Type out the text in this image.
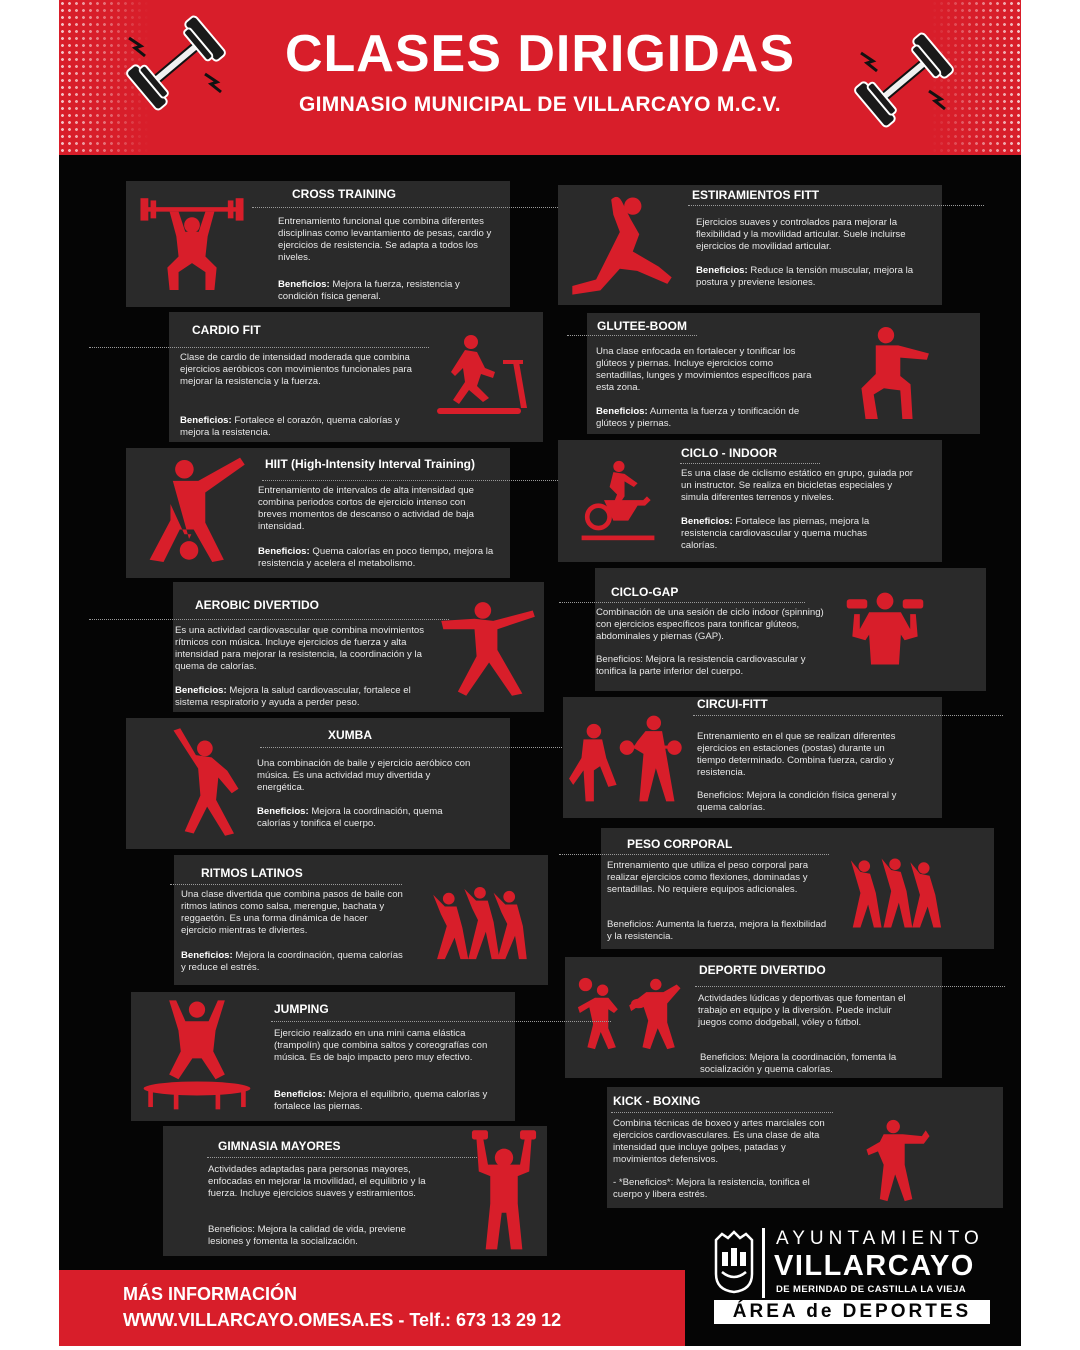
CLASES DIRIGIDAS
GIMNASIO MUNICIPAL DE VILLARCAYO M.C.V.
CROSS TRAINING
Entrenamiento funcional que combina diferentes disciplinas como levantamiento de pesas, cardio y ejercicios de resistencia. Se adapta a todos los niveles.
Beneficios: Mejora la fuerza, resistencia y condición física general.
ESTIRAMIENTOS FITT
Ejercicios suaves y controlados para mejorar la flexibilidad y la movilidad articular. Suele incluirse ejercicios de movilidad articular.
Beneficios: Reduce la tensión muscular, mejora la postura y previene lesiones.
CARDIO FIT
Clase de cardio de intensidad moderada que combina ejercicios aeróbicos con movimientos funcionales para mejorar la resistencia y la fuerza.
Beneficios: Fortalece el corazón, quema calorías y mejora la resistencia.
GLUTEE-BOOM
Una clase enfocada en fortalecer y tonificar los glúteos y piernas. Incluye ejercicios como sentadillas, lunges y movimientos específicos para esta zona.
Beneficios: Aumenta la fuerza y tonificación de glúteos y piernas.
HIIT (High-Intensity Interval Training)
Entrenamiento de intervalos de alta intensidad que combina periodos cortos de ejercicio intenso con breves momentos de descanso o actividad de baja intensidad.
Beneficios: Quema calorías en poco tiempo, mejora la resistencia y acelera el metabolismo.
CICLO - INDOOR
Es una clase de ciclismo estático en grupo, guiada por un instructor. Se realiza en bicicletas especiales y simula diferentes terrenos y niveles.
Beneficios: Fortalece las piernas, mejora la resistencia cardiovascular y quema muchas calorías.
AEROBIC DIVERTIDO
Es una actividad cardiovascular que combina movimientos rítmicos con música. Incluye ejercicios de fuerza y alta intensidad para mejorar la resistencia, la coordinación y la quema de calorías.
Beneficios: Mejora la salud cardiovascular, fortalece el sistema respiratorio y ayuda a perder peso.
CICLO-GAP
Combinación de una sesión de ciclo indoor (spinning) con ejercicios específicos para tonificar glúteos, abdominales y piernas (GAP).
Beneficios: Mejora la resistencia cardiovascular y tonifica la parte inferior del cuerpo.
XUMBA
Una combinación de baile y ejercicio aeróbico con música. Es una actividad muy divertida y energética.
Beneficios: Mejora la coordinación, quema calorías y tonifica el cuerpo.
CIRCUI-FITT
Entrenamiento en el que se realizan diferentes ejercicios en estaciones (postas) durante un tiempo determinado. Combina fuerza, cardio y resistencia.
Beneficios: Mejora la condición física general y quema calorías.
PESO CORPORAL
Entrenamiento que utiliza el peso corporal para realizar ejercicios como flexiones, dominadas y sentadillas. No requiere equipos adicionales.
Beneficios: Aumenta la fuerza, mejora la flexibilidad y la resistencia.
RITMOS LATINOS
Una clase divertida que combina pasos de baile con ritmos latinos como salsa, merengue, bachata y reggaetón. Es una forma dinámica de hacer ejercicio mientras te diviertes.
Beneficios: Mejora la coordinación, quema calorías y reduce el estrés.	DEPORTE DIVERTIDO
Actividades lúdicas y deportivas que fomentan el trabajo en equipo y la diversión. Puede incluir juegos como dodgeball, vóley o fútbol.
Beneficios: Mejora la coordinación, fomenta la socialización y quema calorías.
JUMPING
Ejercicio realizado en una mini cama elástica (trampolín) que combina saltos y coreografías con música. Es de bajo impacto pero muy efectivo.
Beneficios: Mejora el equilibrio, quema calorías y fortalece las piernas.	KICK - BOXING
Combina técnicas de boxeo y artes marciales con ejercicios cardiovasculares. Es una clase de alta intensidad que incluye golpes, patadas y movimientos defensivos.
- *Beneficios*: Mejora la resistencia, tonifica el cuerpo y libera estrés.
GIMNASIA MAYORES
Actividades adaptadas para personas mayores, enfocadas en mejorar la movilidad, el equilibrio y la fuerza. Incluye ejercicios suaves y estiramientos.
Beneficios: Mejora la calidad de vida, previene lesiones y fomenta la socialización.
MÁS INFORMACIÓN
WWW.VILLARCAYO.OMESA.ES - Telf.: 673 13 29 12
AYUNTAMIENTO
VILLARCAYO
DE MERINDAD DE CASTILLA LA VIEJA
ÁREA de DEPORTES
